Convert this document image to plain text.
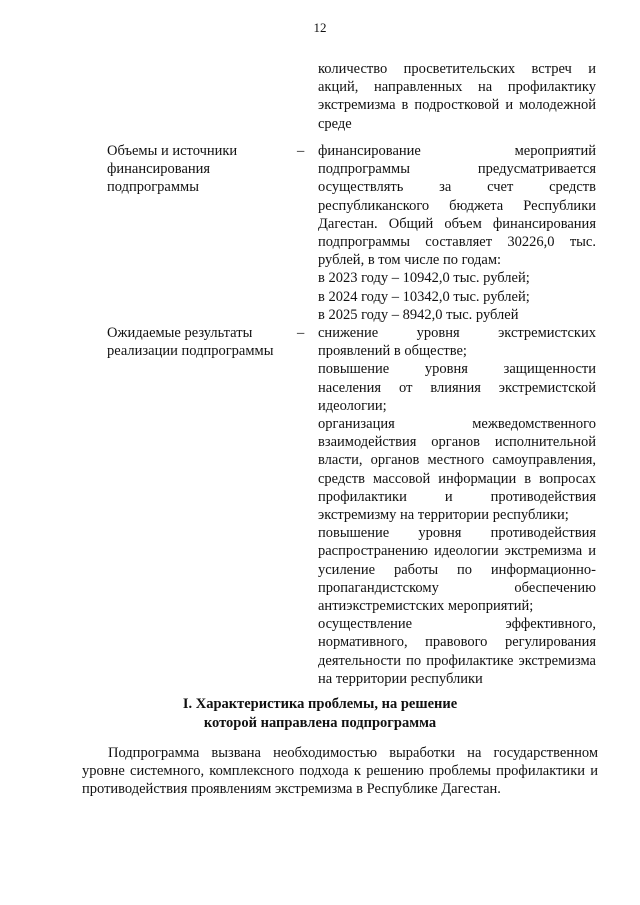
12

количество просветительских встреч и акций, направленных на профилактику экстремизма в подростковой и молодежной среде

Объемы и источники финансирования подпрограммы
– финансирование мероприятий подпрограммы предусматривается осуществлять за счет средств республиканского бюджета Республики Дагестан. Общий объем финансирования подпрограммы составляет 30226,0 тыс. рублей, в том числе по годам:

в 2023 году – 10942,0 тыс. рублей;

в 2024 году – 10342,0 тыс. рублей;

в 2025 году – 8942,0 тыс. рублей

Ожидаемые результаты реализации подпрограммы
– снижение уровня экстремистских проявлений в обществе;

повышение уровня защищенности населения от влияния экстремистской идеологии;

организация межведомственного взаимодействия органов исполнительной власти, органов местного самоуправления, средств массовой информации в вопросах профилактики и противодействия экстремизму на территории республики;

повышение уровня противодействия распространению идеологии экстремизма и усиление работы по информационно-пропагандистскому обеспечению антиэкстремистских мероприятий;

осуществление эффективного, нормативного, правового регулирования деятельности по профилактике экстремизма на территории республики

I. Характеристика проблемы, на решение
которой направлена подпрограмма

Подпрограмма вызвана необходимостью выработки на государственном уровне системного, комплексного подхода к решению проблемы профилактики и противодействия проявлениям экстремизма в Республике Дагестан.
